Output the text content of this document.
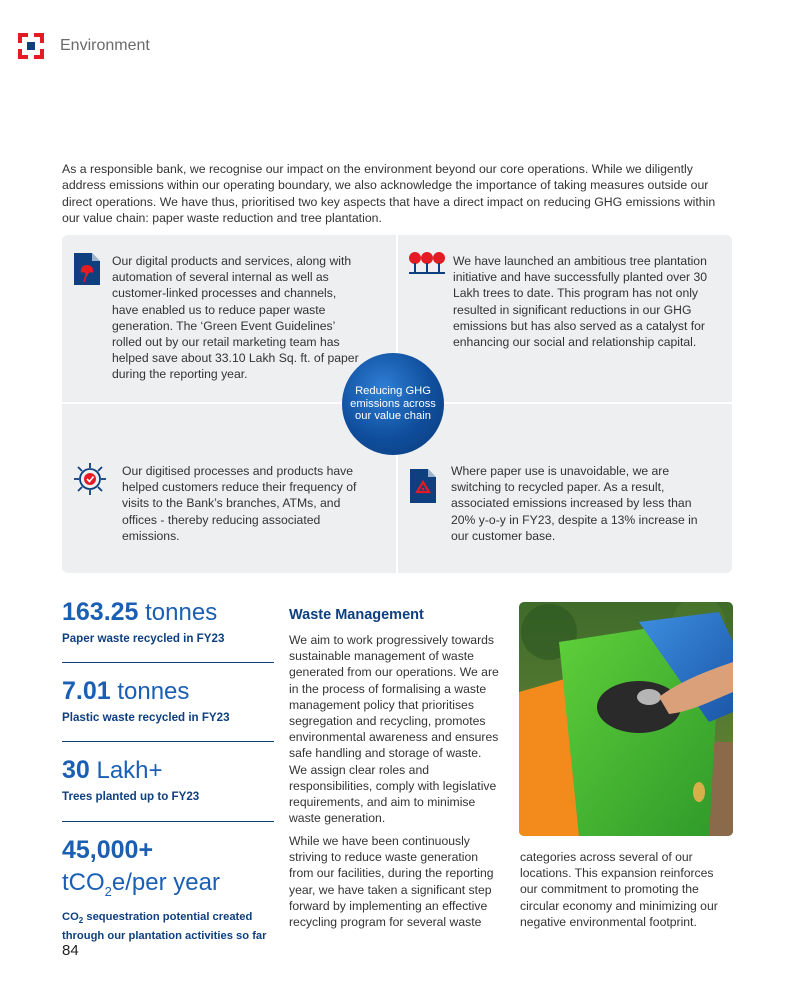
Environment

As a responsible bank, we recognise our impact on the environment beyond our core operations. While we diligently address emissions within our operating boundary, we also acknowledge the importance of taking measures outside our direct operations. We have thus, prioritised two key aspects that have a direct impact on reducing GHG emissions within our value chain: paper waste reduction and tree plantation.

Our digital products and services, along with automation of several internal as well as customer-linked processes and channels, have enabled us to reduce paper waste generation. The ‘Green Event Guidelines’ rolled out by our retail marketing team has helped save about 33.10 Lakh Sq. ft. of paper during the reporting year.

We have launched an ambitious tree plantation initiative and have successfully planted over 30 Lakh trees to date. This program has not only resulted in significant reductions in our GHG emissions but has also served as a catalyst for enhancing our social and relationship capital.

Our digitised processes and products have helped customers reduce their frequency of visits to the Bank’s branches, ATMs, and offices - thereby reducing associated emissions.

Where paper use is unavoidable, we are switching to recycled paper. As a result, associated emissions increased by less than 20% y-o-y in FY23, despite a 13% increase in our customer base.

Reducing GHG emissions across our value chain
163.25 tonnes
Paper waste recycled in FY23
7.01 tonnes
Plastic waste recycled in FY23
30 Lakh+
Trees planted up to FY23
45,000+
tCO$_2$e/per year
$CO_2$ sequestration potential created through our plantation activities so far
Waste Management

We aim to work progressively towards sustainable management of waste generated from our operations. We are in the process of formalising a waste management policy that prioritises segregation and recycling, promotes environmental awareness and ensures safe handling and storage of waste. We assign clear roles and responsibilities, comply with legislative requirements, and aim to minimise waste generation.

While we have been continuously striving to reduce waste generation from our facilities, during the reporting year, we have taken a significant step forward by implementing an effective recycling program for several waste

categories across several of our locations. This expansion reinforces our commitment to promoting the circular economy and minimizing our negative environmental footprint.

84
